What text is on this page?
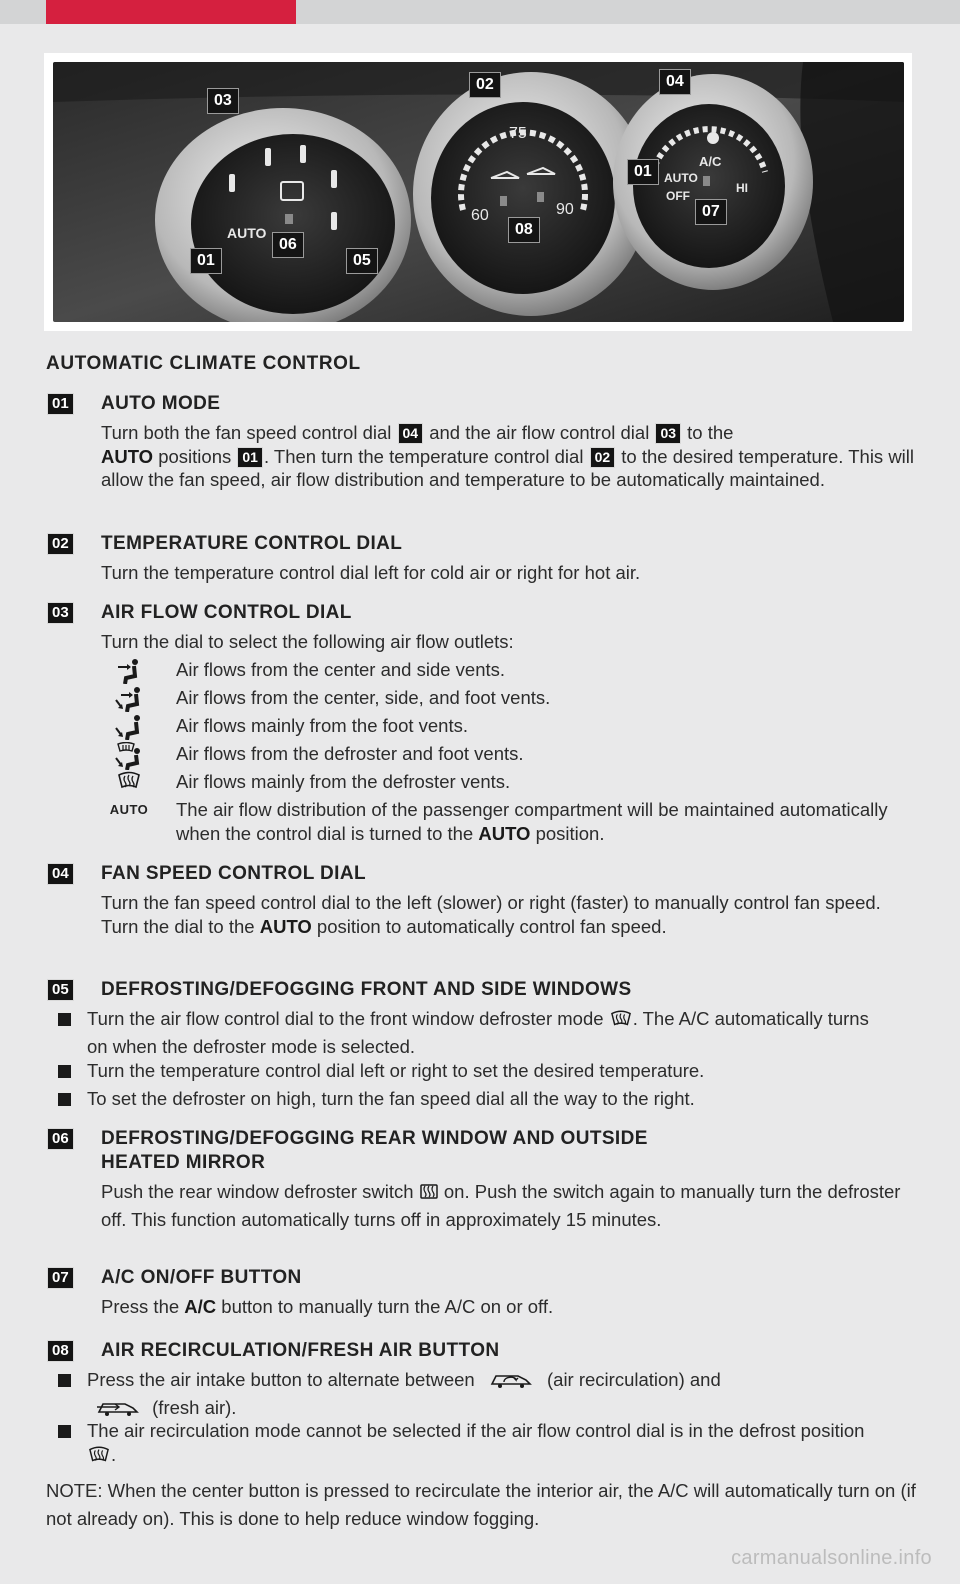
AUTO
75
60	90
AUTO
OFF
A/C
HI
03
02	04
01
07
01
06
05
08
AUTOMATIC CLIMATE CONTROL
01 AUTO MODE

Turn both the fan speed control dial 04 and the air flow control dial 03 to the
AUTO positions 01 . Then turn the temperature control dial 02 to the desired temperature. This will allow the fan speed, air flow distribution and temperature to be automatically maintained.

02 TEMPERATURE CONTROL DIAL

Turn the temperature control dial left for cold air or right for hot air.

03 AIR FLOW CONTROL DIAL

Turn the dial to select the following air flow outlets:

Air flows from the center and side vents.
Air flows from the center, side, and foot vents.
Air flows mainly from the foot vents.
Air flows from the defroster and foot vents.
Air flows mainly from the defroster vents.
AUTO	The air flow distribution of the passenger compartment will be maintained automatically when the control dial is turned to the AUTO position.
04 FAN SPEED CONTROL DIAL

Turn the fan speed control dial to the left (slower) or right (faster) to manually control fan speed. Turn the dial to the AUTO position to automatically control fan speed.

05 DEFROSTING/DEFOGGING FRONT AND SIDE WINDOWS
Turn the air flow control dial to the front window defroster mode . The A/C automatically turns on when the defroster mode is selected.
Turn the temperature control dial left or right to set the desired temperature.
To set the defroster on high, turn the fan speed dial all the way to the right.
06 DEFROSTING/DEFOGGING REAR WINDOW AND OUTSIDE
HEATED MIRROR

Push the rear window defroster switch  on. Push the switch again to manually turn the defroster off. This function automatically turns off in approximately 15 minutes.

07 A/C ON/OFF BUTTON

Press the A/C button to manually turn the A/C on or off.

08 AIR RECIRCULATION/FRESH AIR BUTTON
Press the air intake button to alternate between	(air recirculation) and
(fresh air).
The air recirculation mode cannot be selected if the air flow control dial is in the defrost position .

NOTE: When the center button is pressed to recirculate the interior air, the A/C will automatically turn on (if not already on). This is done to help reduce window fogging.

carmanualsonline.info
